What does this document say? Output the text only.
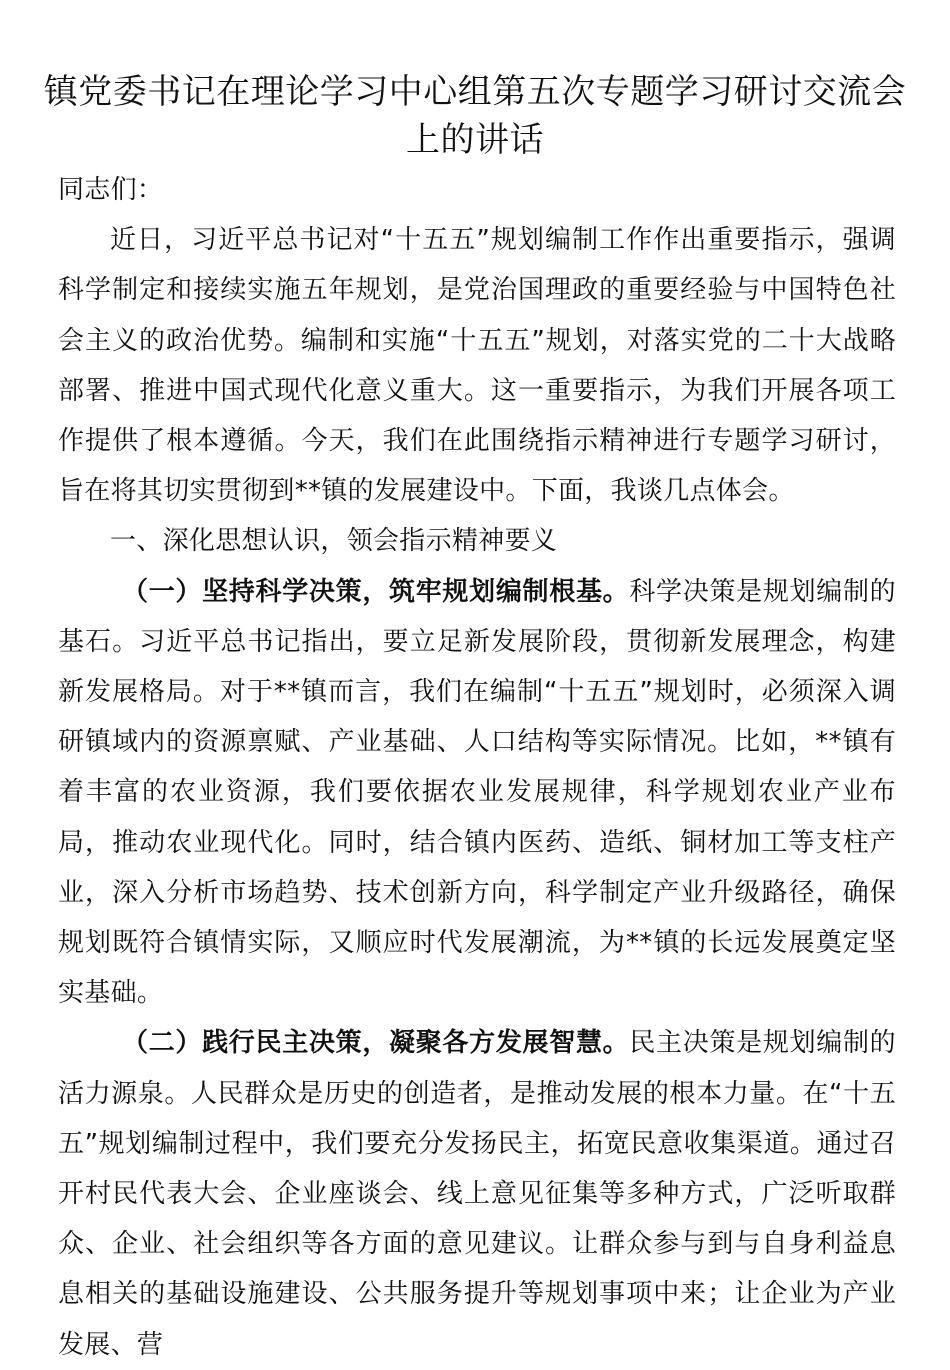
镇党委书记在理论学习中心组第五次专题学习研讨交流会上的讲话

同志们：

近日，习近平总书记对“十五五”规划编制工作作出重要指示，强调科学制定和接续实施五年规划，是党治国理政的重要经验与中国特色社会主义的政治优势。编制和实施“十五五”规划，对落实党的二十大战略部署、推进中国式现代化意义重大。这一重要指示，为我们开展各项工作提供了根本遵循。今天，我们在此围绕指示精神进行专题学习研讨，旨在将其切实贯彻到**镇的发展建设中。下面，我谈几点体会。

一、深化思想认识，领会指示精神要义

（一）坚持科学决策，筑牢规划编制根基。科学决策是规划编制的基石。习近平总书记指出，要立足新发展阶段，贯彻新发展理念，构建新发展格局。对于**镇而言，我们在编制“十五五”规划时，必须深入调研镇域内的资源禀赋、产业基础、人口结构等实际情况。比如，**镇有着丰富的农业资源，我们要依据农业发展规律，科学规划农业产业布局，推动农业现代化。同时，结合镇内医药、造纸、铜材加工等支柱产业，深入分析市场趋势、技术创新方向，科学制定产业升级路径，确保规划既符合镇情实际，又顺应时代发展潮流，为**镇的长远发展奠定坚实基础。

（二）践行民主决策，凝聚各方发展智慧。民主决策是规划编制的活力源泉。人民群众是历史的创造者，是推动发展的根本力量。在“十五五”规划编制过程中，我们要充分发扬民主，拓宽民意收集渠道。通过召开村民代表大会、企业座谈会、线上意见征集等多种方式，广泛听取群众、企业、社会组织等各方面的意见建议。让群众参与到与自身利益息息相关的基础设施建设、公共服务提升等规划事项中来；让企业为产业发展、营
